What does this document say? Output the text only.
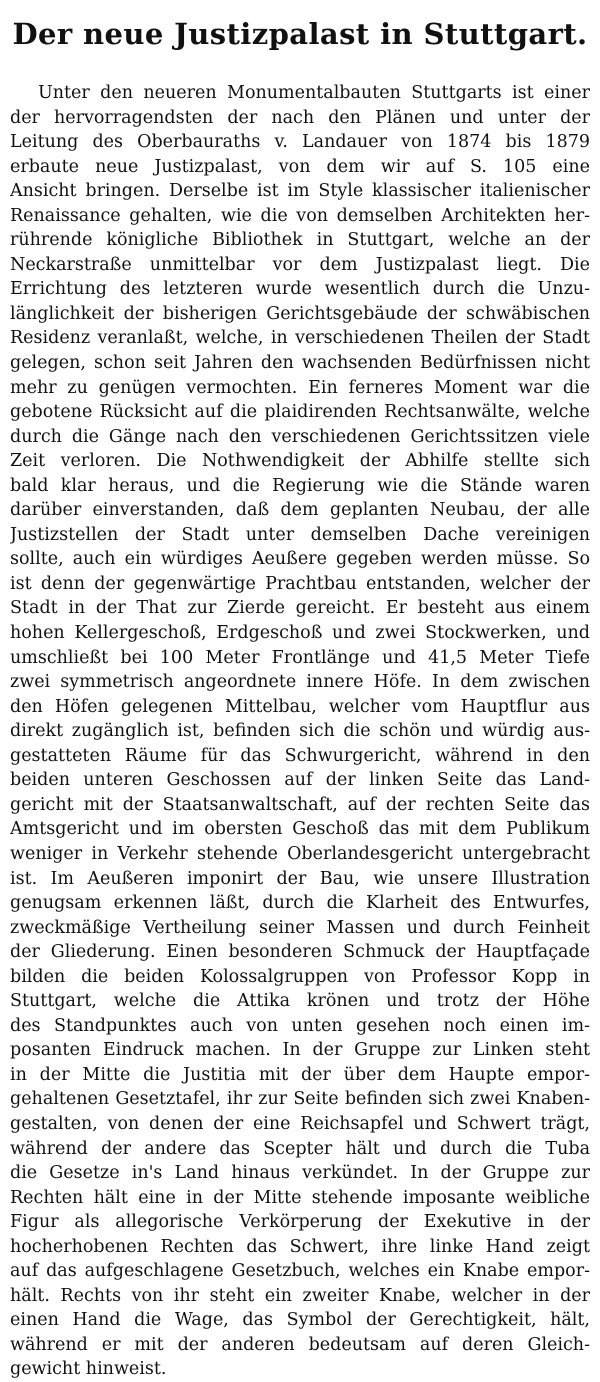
Der neue Justizpalast in Stuttgart.
Unter den neueren Monumentalbauten Stuttgarts ist einer
der hervorragendsten der nach den Plänen und unter der
Leitung des Oberbauraths v. Landauer von 1874 bis 1879
erbaute neue Justizpalast, von dem wir auf S. 105 eine
Ansicht bringen. Derselbe ist im Style klassischer italienischer
Renaissance gehalten, wie die von demselben Architekten her-
rührende königliche Bibliothek in Stuttgart, welche an der
Neckarstraße unmittelbar vor dem Justizpalast liegt. Die
Errichtung des letzteren wurde wesentlich durch die Unzu-
länglichkeit der bisherigen Gerichtsgebäude der schwäbischen
Residenz veranlaßt, welche, in verschiedenen Theilen der Stadt
gelegen, schon seit Jahren den wachsenden Bedürfnissen nicht
mehr zu genügen vermochten. Ein ferneres Moment war die
gebotene Rücksicht auf die plaidirenden Rechtsanwälte, welche
durch die Gänge nach den verschiedenen Gerichtssitzen viele
Zeit verloren. Die Nothwendigkeit der Abhilfe stellte sich
bald klar heraus, und die Regierung wie die Stände waren
darüber einverstanden, daß dem geplanten Neubau, der alle
Justizstellen der Stadt unter demselben Dache vereinigen
sollte, auch ein würdiges Aeußere gegeben werden müsse. So
ist denn der gegenwärtige Prachtbau entstanden, welcher der
Stadt in der That zur Zierde gereicht. Er besteht aus einem
hohen Kellergeschoß, Erdgeschoß und zwei Stockwerken, und
umschließt bei 100 Meter Frontlänge und 41,5 Meter Tiefe
zwei symmetrisch angeordnete innere Höfe. In dem zwischen
den Höfen gelegenen Mittelbau, welcher vom Hauptflur aus
direkt zugänglich ist, befinden sich die schön und würdig aus-
gestatteten Räume für das Schwurgericht, während in den
beiden unteren Geschossen auf der linken Seite das Land-
gericht mit der Staatsanwaltschaft, auf der rechten Seite das
Amtsgericht und im obersten Geschoß das mit dem Publikum
weniger in Verkehr stehende Oberlandesgericht untergebracht
ist. Im Aeußeren imponirt der Bau, wie unsere Illustration
genugsam erkennen läßt, durch die Klarheit des Entwurfes,
zweckmäßige Vertheilung seiner Massen und durch Feinheit
der Gliederung. Einen besonderen Schmuck der Hauptfaçade
bilden die beiden Kolossalgruppen von Professor Kopp in
Stuttgart, welche die Attika krönen und trotz der Höhe
des Standpunktes auch von unten gesehen noch einen im-
posanten Eindruck machen. In der Gruppe zur Linken steht
in der Mitte die Justitia mit der über dem Haupte empor-
gehaltenen Gesetztafel, ihr zur Seite befinden sich zwei Knaben-
gestalten, von denen der eine Reichsapfel und Schwert trägt,
während der andere das Scepter hält und durch die Tuba
die Gesetze in's Land hinaus verkündet. In der Gruppe zur
Rechten hält eine in der Mitte stehende imposante weibliche
Figur als allegorische Verkörperung der Exekutive in der
hocherhobenen Rechten das Schwert, ihre linke Hand zeigt
auf das aufgeschlagene Gesetzbuch, welches ein Knabe empor-
hält. Rechts von ihr steht ein zweiter Knabe, welcher in der
einen Hand die Wage, das Symbol der Gerechtigkeit, hält,
während er mit der anderen bedeutsam auf deren Gleich-
gewicht hinweist.
